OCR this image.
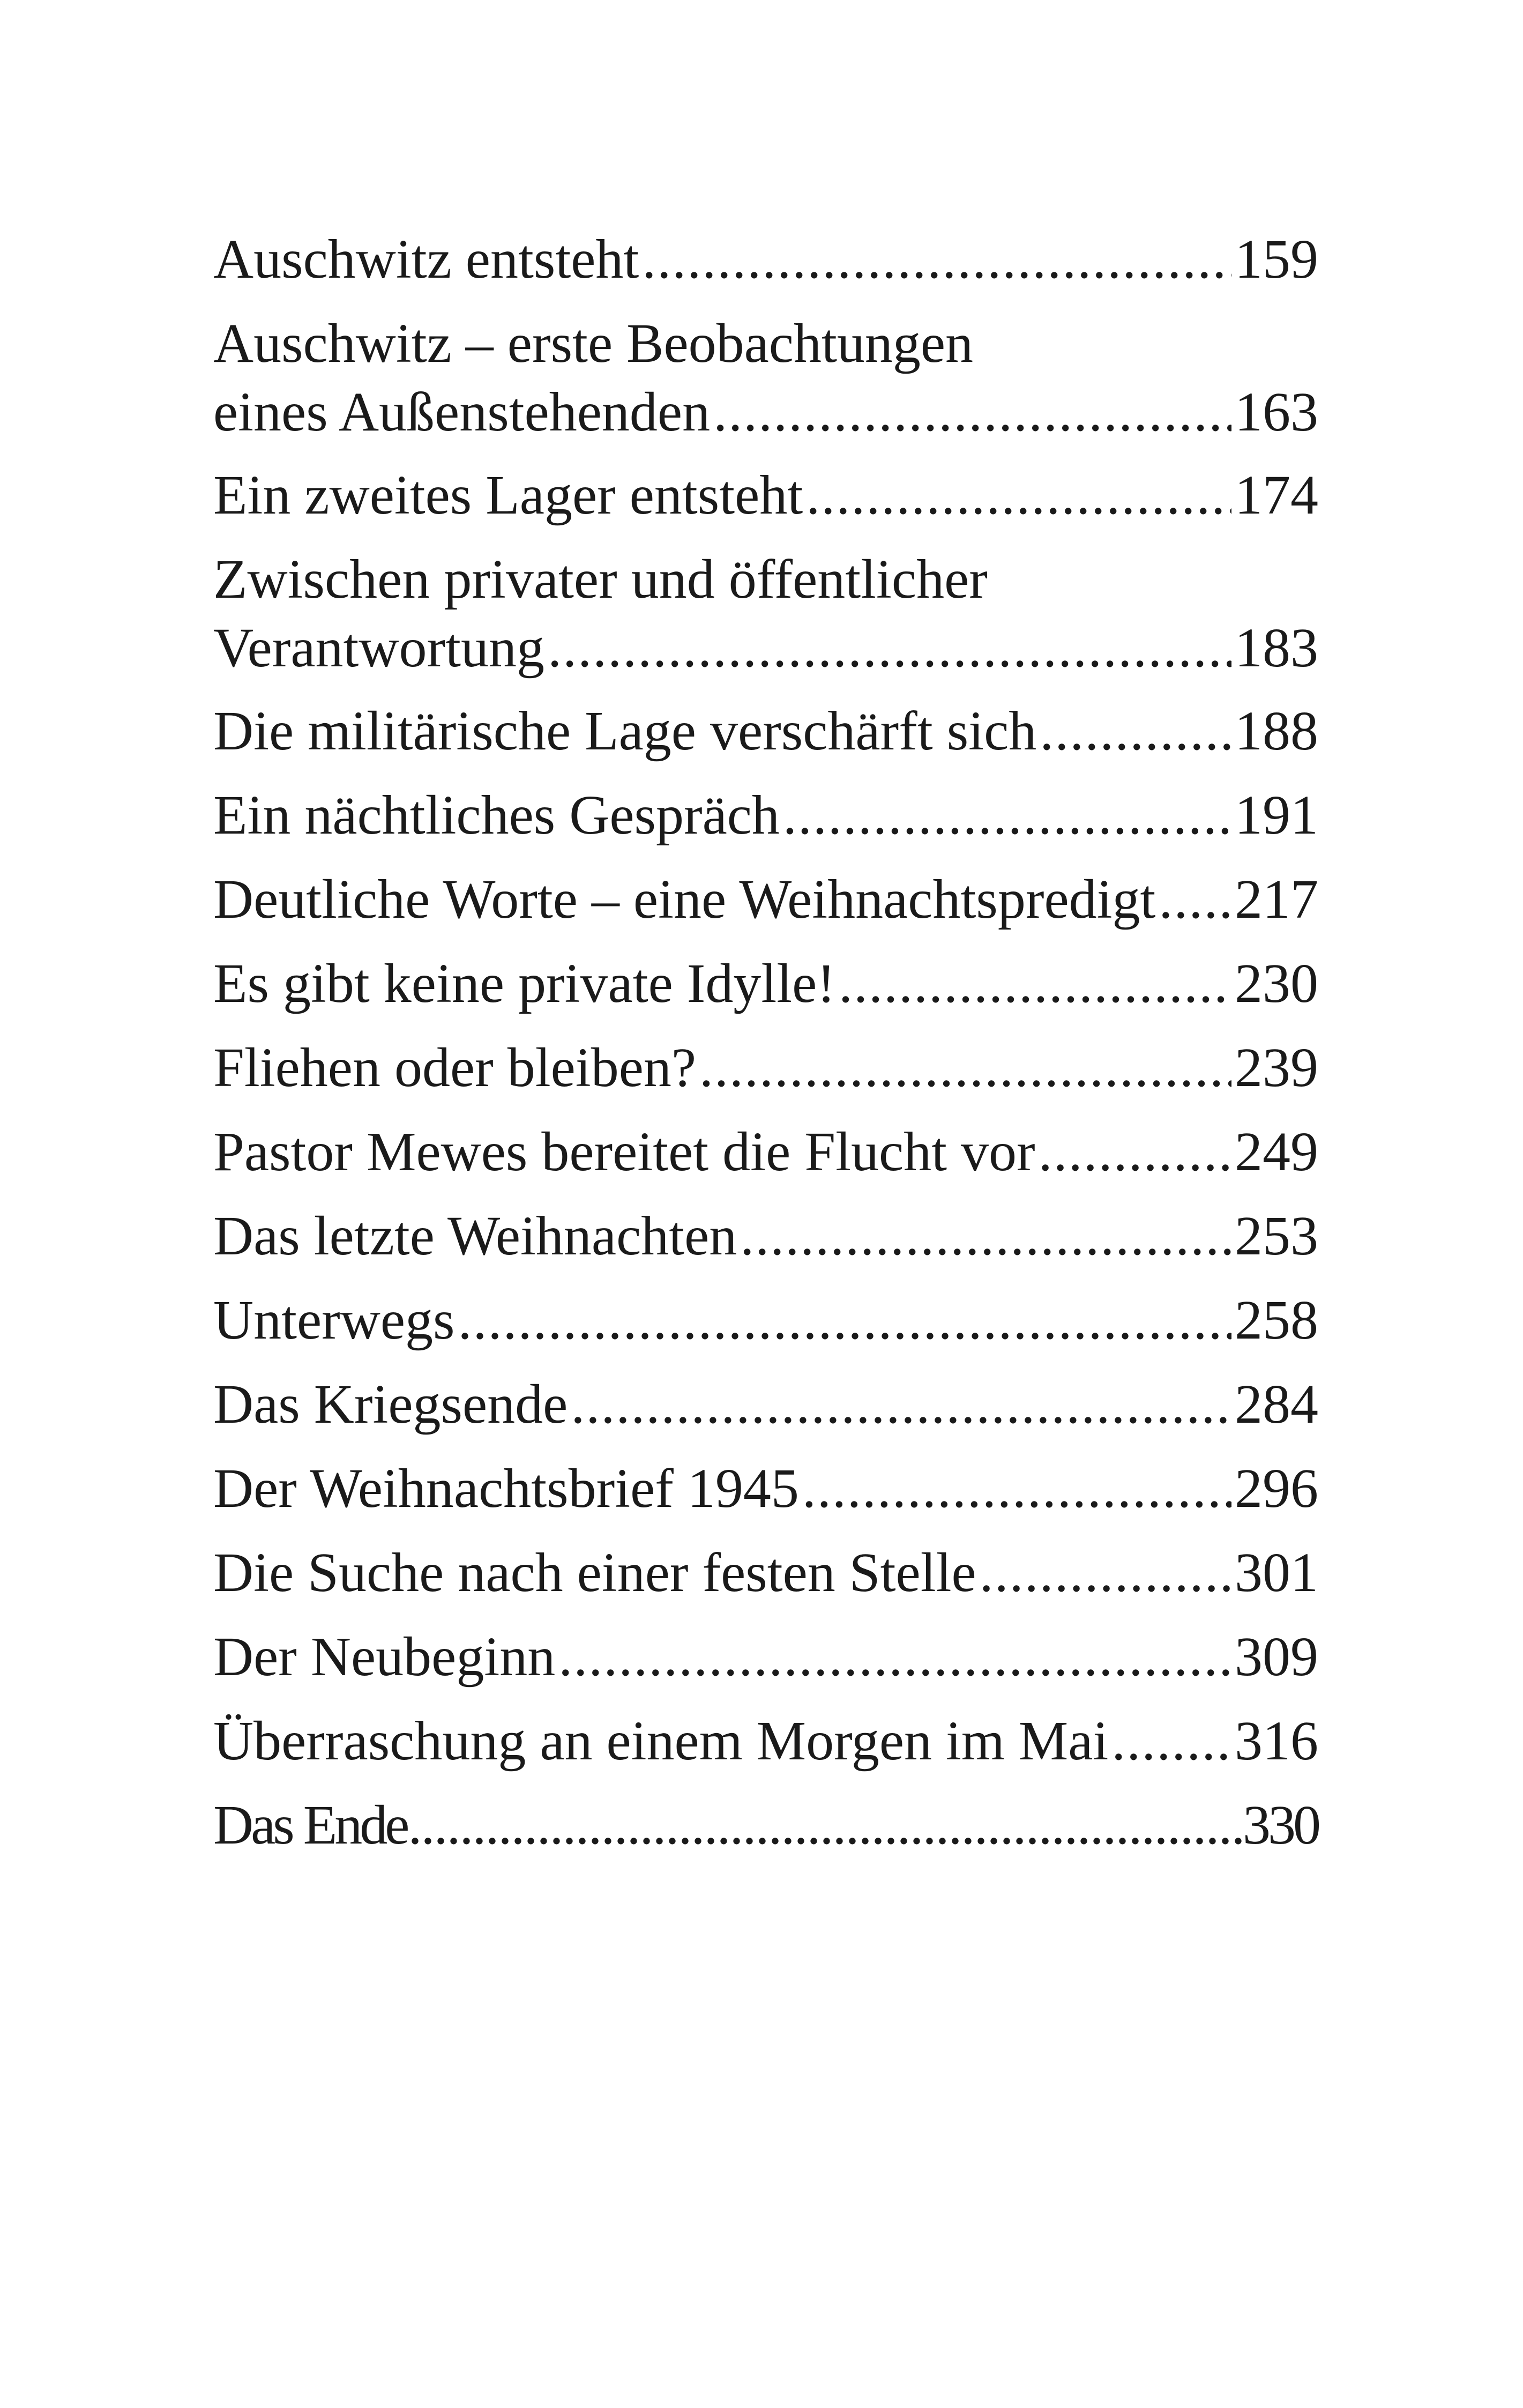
Auschwitz entsteht .....	159
Auschwitz – erste Beobachtungen
eines Außenstehenden .....	163
Ein zweites Lager entsteht .....	174
Zwischen privater und öffentlicher
Verantwortung .....	183
Die militärische Lage verschärft sich .....	188
Ein nächtliches Gespräch .....	191
Deutliche Worte – eine Weihnachtspredigt ..... 217
Es gibt keine private Idylle! .....	230
Fliehen oder bleiben? .....	239
Pastor Mewes bereitet die Flucht vor .....	249
Das letzte Weihnachten .....	253
Unterwegs .....	258
Das Kriegsende .....	284
Der Weihnachtsbrief 1945 .....	296
Die Suche nach einer festen Stelle .....	301
Der Neubeginn .....	309
Überraschung an einem Morgen im Mai ..... 316
Das Ende .....	330
